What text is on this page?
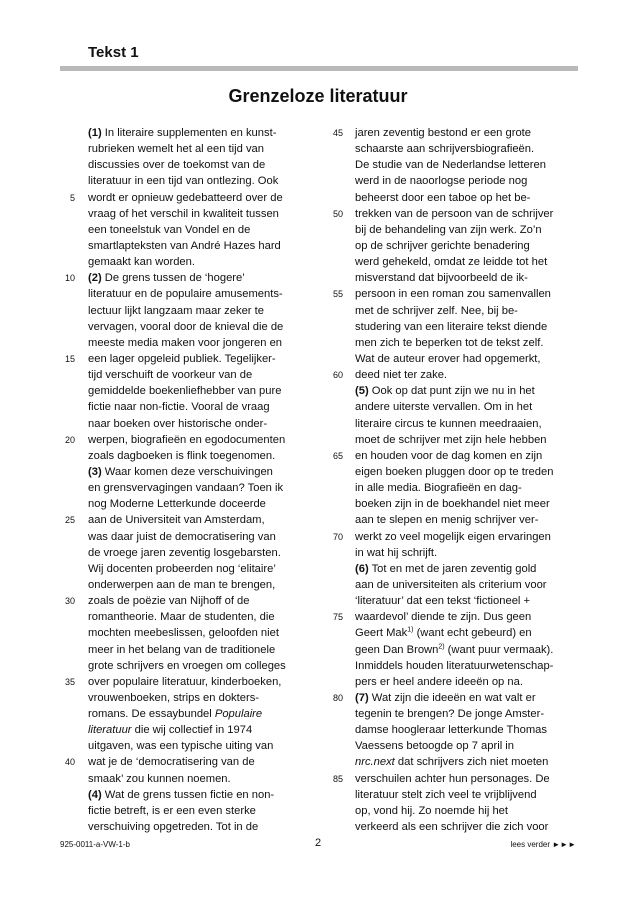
Tekst 1
Grenzeloze literatuur
(1) In literaire supplementen en kunst-
rubrieken wemelt het al een tijd van
discussies over de toekomst van de
literatuur in een tijd van ontlezing. Ook
5 wordt er opnieuw gedebatteerd over de
vraag of het verschil in kwaliteit tussen
een toneelstuk van Vondel en de
smartlapteksten van André Hazes hard
gemaakt kan worden.
10 (2) De grens tussen de ‘hogere’
literatuur en de populaire amusements-
lectuur lijkt langzaam maar zeker te
vervagen, vooral door de knieval die de
meeste media maken voor jongeren en
15 een lager opgeleid publiek. Tegelijker-
tijd verschuift de voorkeur van de
gemiddelde boekenliefhebber van pure
fictie naar non-fictie. Vooral de vraag
naar boeken over historische onder-
20 werpen, biografieën en egodocumenten
zoals dagboeken is flink toegenomen.
(3) Waar komen deze verschuivingen
en grensvervagingen vandaan? Toen ik
nog Moderne Letterkunde doceerde
25 aan de Universiteit van Amsterdam,
was daar juist de democratisering van
de vroege jaren zeventig losgebarsten.
Wij docenten probeerden nog ‘elitaire’
onderwerpen aan de man te brengen,
30 zoals de poëzie van Nijhoff of de
romantheorie. Maar de studenten, die
mochten meebeslissen, geloofden niet
meer in het belang van de traditionele
grote schrijvers en vroegen om colleges
35 over populaire literatuur, kinderboeken,
vrouwenboeken, strips en dokters-
romans. De essaybundel Populaire
literatuur die wij collectief in 1974
uitgaven, was een typische uiting van
40 wat je de ‘democratisering van de
smaak’ zou kunnen noemen.
(4) Wat de grens tussen fictie en non-
fictie betreft, is er een even sterke
verschuiving opgetreden. Tot in de
45 jaren zeventig bestond er een grote
schaarste aan schrijversbiografieën.
De studie van de Nederlandse letteren
werd in de naoorlogse periode nog
beheerst door een taboe op het be-
50 trekken van de persoon van de schrijver
bij de behandeling van zijn werk. Zo’n
op de schrijver gerichte benadering
werd gehekeld, omdat ze leidde tot het
misverstand dat bijvoorbeeld de ik-
55 persoon in een roman zou samenvallen
met de schrijver zelf. Nee, bij be-
studering van een literaire tekst diende
men zich te beperken tot de tekst zelf.
Wat de auteur erover had opgemerkt,
60 deed niet ter zake.
(5) Ook op dat punt zijn we nu in het
andere uiterste vervallen. Om in het
literaire circus te kunnen meedraaien,
moet de schrijver met zijn hele hebben
65 en houden voor de dag komen en zijn
eigen boeken pluggen door op te treden
in alle media. Biografieën en dag-
boeken zijn in de boekhandel niet meer
aan te slepen en menig schrijver ver-
70 werkt zo veel mogelijk eigen ervaringen
in wat hij schrijft.
(6) Tot en met de jaren zeventig gold
aan de universiteiten als criterium voor
‘literatuur’ dat een tekst ‘fictioneel +
75 waardevol’ diende te zijn. Dus geen
Geert Mak$^{1)}$ (want echt gebeurd) en
geen Dan Brown$^{2)}$ (want puur vermaak).
Inmiddels houden literatuurwetenschap-
pers er heel andere ideeën op na.
80 (7) Wat zijn die ideeën en wat valt er
tegenin te brengen? De jonge Amster-
damse hoogleraar letterkunde Thomas
Vaessens betoogde op 7 april in
nrc.next dat schrijvers zich niet moeten
85 verschuilen achter hun personages. De
literatuur stelt zich veel te vrijblijvend
op, vond hij. Zo noemde hij het
verkeerd als een schrijver die zich voor
925-0011-a-VW-1-b	2	lees verder ►►►
